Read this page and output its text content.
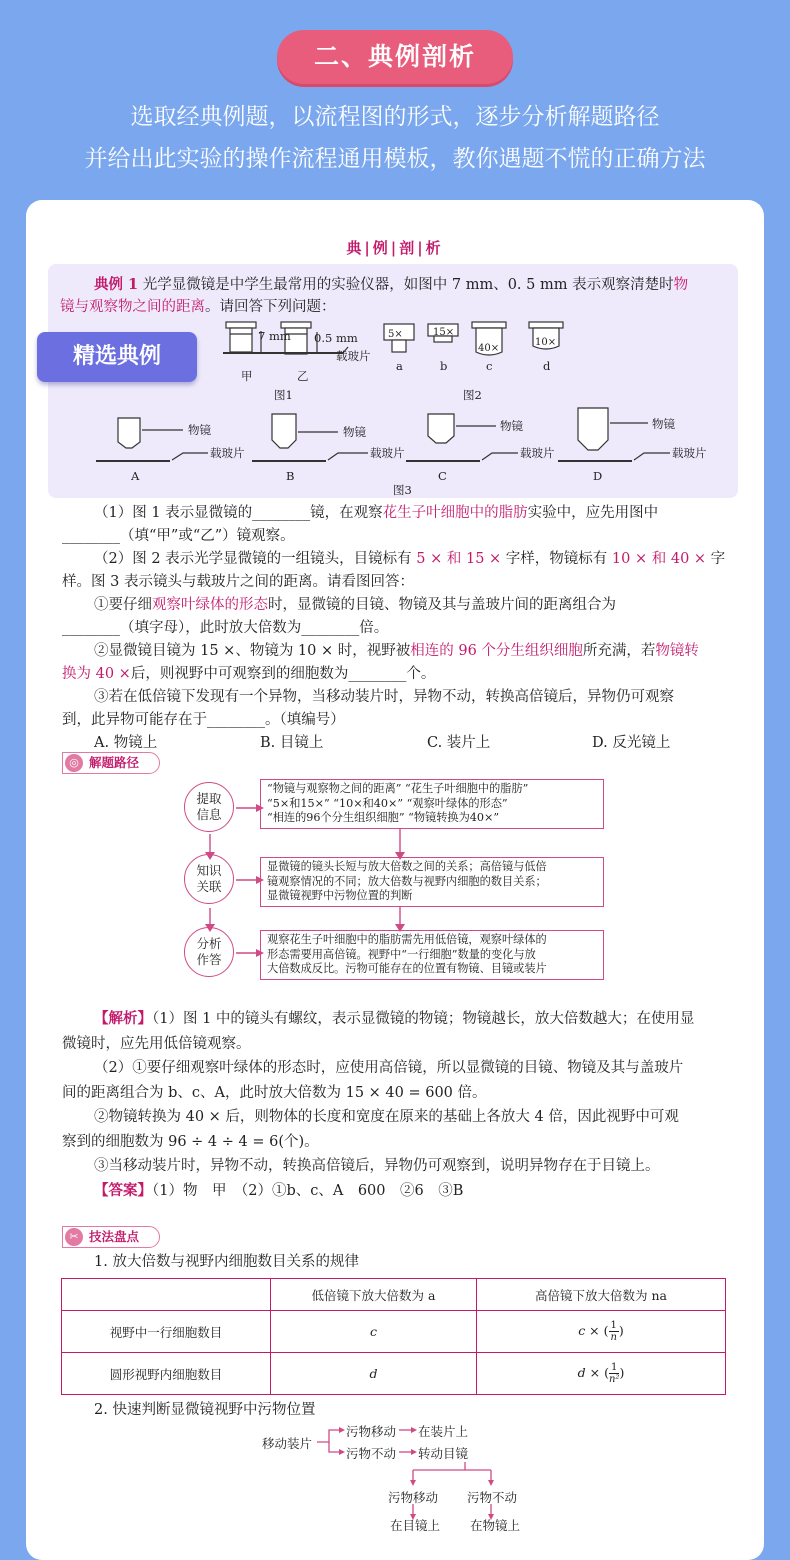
二、典例剖析
选取经典例题，以流程图的形式，逐步分析解题路径
并给出此实验的操作流程通用模板，教你遇题不慌的正确方法
典|例|剖|析
典例 1 光学显微镜是中学生最常用的实验仪器，如图中 7 mm、0. 5 mm 表示观察清楚时物
镜与观察物之间的距离。请回答下列问题：
7 mm 0.5 mm
载玻片
甲	乙
图1
5×	15×
40×
10×
a	b	c	d
图2
物镜
载玻片
物镜
载玻片
物镜
载玻片
物镜
载玻片
A	B	C	D
图3
精选典例
（1）图 1 表示显微镜的________镜，在观察花生子叶细胞中的脂肪实验中，应先用图中
________（填“甲”或“乙”）镜观察。
（2）图 2 表示光学显微镜的一组镜头，目镜标有 5 × 和 15 × 字样，物镜标有 10 × 和 40 × 字
样。图 3 表示镜头与载玻片之间的距离。请看图回答：
①要仔细观察叶绿体的形态时，显微镜的目镜、物镜及其与盖玻片间的距离组合为
________（填字母），此时放大倍数为________倍。
②显微镜目镜为 15 ×、物镜为 10 × 时，视野被相连的 96 个分生组织细胞所充满，若物镜转
换为 40 ×后，则视野中可观察到的细胞数为________个。
③若在低倍镜下发现有一个异物，当移动装片时，异物不动，转换高倍镜后，异物仍可观察
到，此异物可能存在于________。（填编号）
A. 物镜上	B. 目镜上	C. 装片上	D. 反光镜上
◎ 解题路径
提取
信息
知识
关联
分析
作答
“物镜与观察物之间的距离” “花生子叶细胞中的脂肪”
“5×和15×” “10×和40×” “观察叶绿体的形态”
“相连的96个分生组织细胞” “物镜转换为40×”
显微镜的镜头长短与放大倍数之间的关系；高倍镜与低倍
镜观察情况的不同；放大倍数与视野内细胞的数目关系；
显微镜视野中污物位置的判断
观察花生子叶细胞中的脂肪需先用低倍镜，观察叶绿体的
形态需要用高倍镜。视野中“一行细胞”数量的变化与放
大倍数成反比。污物可能存在的位置有物镜、目镜或装片
【解析】（1）图 1 中的镜头有螺纹，表示显微镜的物镜；物镜越长，放大倍数越大；在使用显
微镜时，应先用低倍镜观察。
（2）①要仔细观察叶绿体的形态时，应使用高倍镜，所以显微镜的目镜、物镜及其与盖玻片
间的距离组合为 b、c、A，此时放大倍数为 15 × 40 = 600 倍。
②物镜转换为 40 × 后，则物体的长度和宽度在原来的基础上各放大 4 倍，因此视野中可观
察到的细胞数为 96 ÷ 4 ÷ 4 = 6(个)。
③当移动装片时，异物不动，转换高倍镜后，异物仍可观察到，说明异物存在于目镜上。
【答案】（1）物　甲　（2）①b、c、A　600　②6　③B
✂ 技法盘点
1. 放大倍数与视野内细胞数目关系的规律
	低倍镜下放大倍数为 a	高倍镜下放大倍数为 na
视野中一行细胞数目	c	c × ( $\frac{1}{n}$ )
圆形视野内细胞数目	d	d × ( $\frac{1}{\text{n²}}$ )
2. 快速判断显微镜视野中污物位置
移动装片
污物移动 在装片上
污物不动 转动目镜
污物移动 污物不动
在目镜上 在物镜上
